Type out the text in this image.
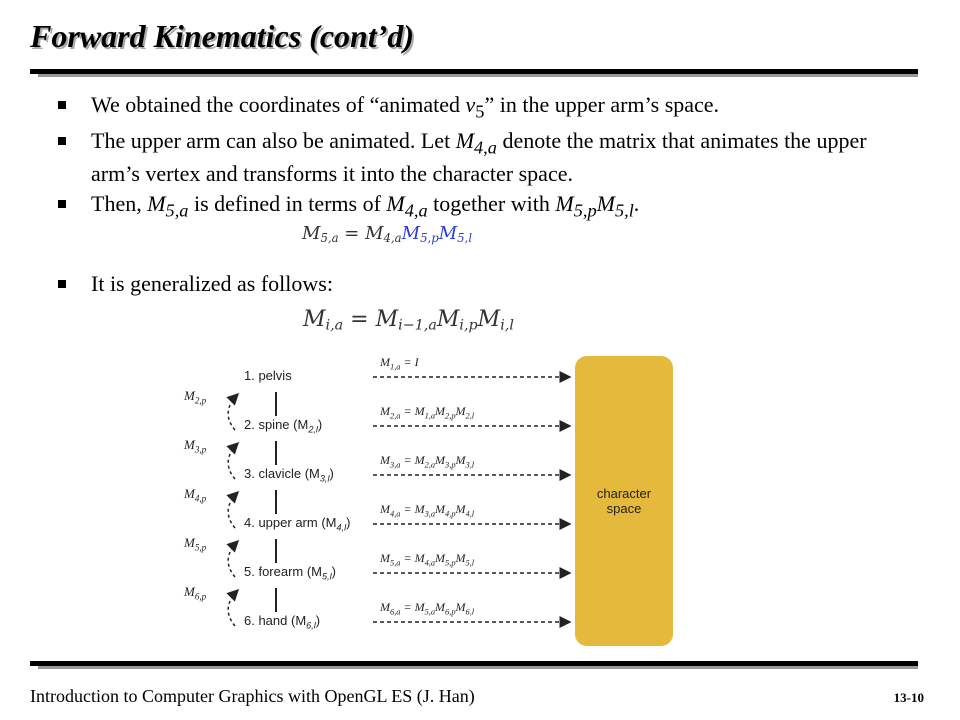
Forward Kinematics (cont’d)
We obtained the coordinates of “animated $v_5$” in the upper arm’s space.
The upper arm can also be animated. Let $M_{4,a}$ denote the matrix that animates the upper arm’s vertex and transforms it into the character space.
Then, $M_{5,a}$ is defined in terms of $M_{4,a}$ together with $M_{5,p}M_{5,l}$.
It is generalized as follows:
$M_{5,a} = M_{4,a}M_{5,p}M_{5,l}$
$M_{i,a} = M_{i-1,a}M_{i,p}M_{i,l}$
1. pelvis
2. spine $(M_{2,l})$
3. clavicle $(M_{3,l})$
4. upper arm $(M_{4,l})$
5. forearm $(M_{5,l})$
6. hand $(M_{6,l})$
$M_{2,p}$
$M_{3,p}$
$M_{4,p}$
$M_{5,p}$
$M_{6,p}$
$M_{1,a} = I$
$M_{2,a} = M_{1,a}M_{2,p}M_{2,l}$
$M_{3,a} = M_{2,a}M_{3,p}M_{3,l}$
$M_{4,a} = M_{3,a}M_{4,p}M_{4,l}$
$M_{5,a} = M_{4,a}M_{5,p}M_{5,l}$
$M_{6,a} = M_{5,a}M_{6,p}M_{6,l}$
character space
Introduction to Computer Graphics with OpenGL ES (J. Han)	13-10
